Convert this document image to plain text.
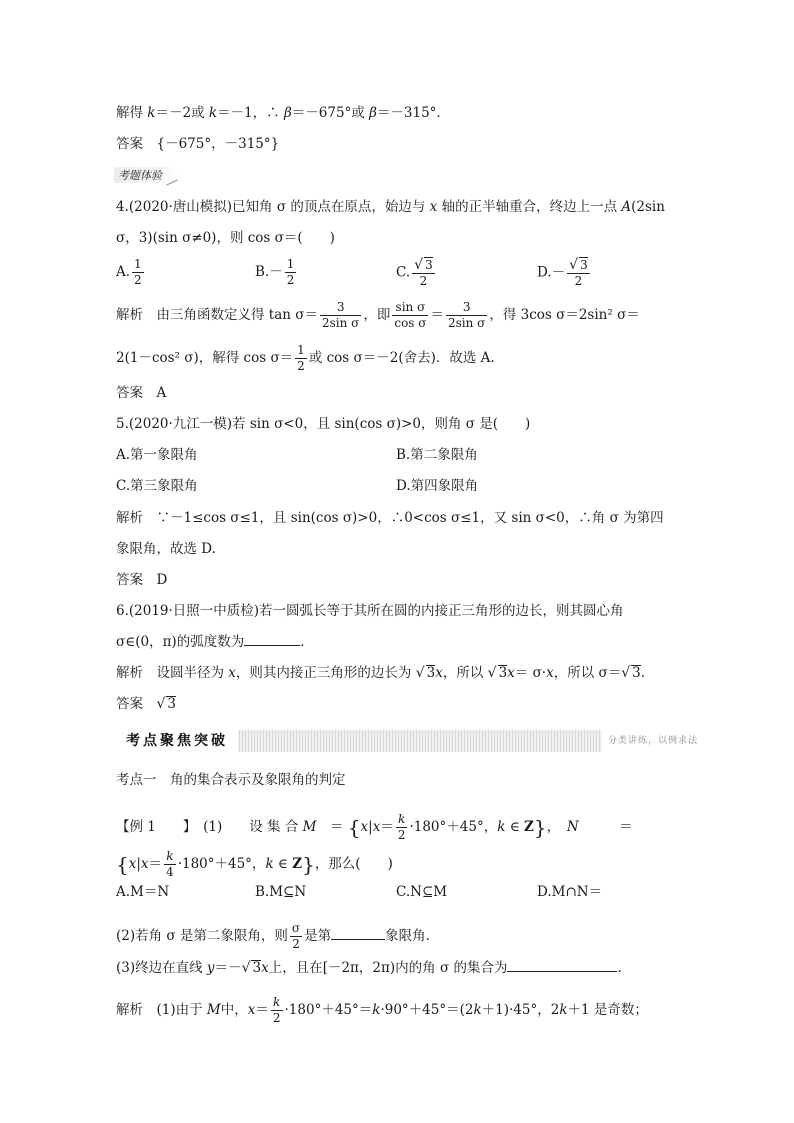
解得 k＝－2或 k＝－1，∴ β＝－675°或 β＝－315°．
答案　 {－675°，－315°}
考题体验
4.(2020·唐山模拟)已知角 σ 的顶点在原点，始边与 x 轴的正半轴重合，终边上一点 A(2sin
σ，3)(sin σ≠0)，则 cos σ＝(　　)
A. $\frac{1}{2}$	$B.- \frac{1}{2}$	C. $\frac{√ 3}{2}$	$D.- \frac{√ 3}{2}$
解析　 由三角函数定义得 $\tan \sigma= \frac{3}{\text{2sin σ}}$ ，即 $\frac{\text{sin σ}}{\text{cos σ}} = \frac{3}{\text{2sin σ}}$ ，得 3cos σ＝2sin² σ＝
2(1－cos² σ)，解得 $\cos \sigma= \frac{1}{2}$ 或 cos σ＝－2(舍去)．故选 A.
答案　 A
5.(2020·九江一模)若 sin σ<0，且 sin(cos σ)>0，则角 σ 是(　　)
A.第一象限角	B.第二象限角
C.第三象限角	D.第四象限角
解析　 ∵－1≤cos σ≤1，且 sin(cos σ)>0，∴0<cos σ≤1，又 sin σ<0，∴角 σ 为第四
象限角，故选 D.
答案　 D
6.(2019·日照一中质检)若一圆弧长等于其所在圆的内接正三角形的边长，则其圆心角
σ∈(0，π)的弧度数为	．
解析　 设圆半径为 x，则其内接正三角形的边长为 √ 3x，所以 √ 3x＝ σ·x，所以 σ＝√ 3.
答案　 √ 3
考点聚焦突破	分类讲练，以例求法
考点一　角的集合表示及象限角的判定
【例 1　　】　 (1)　　 设 集 合 M　 ＝ {$x|x= \frac{k}{2} \cdot 180^\circ+45^\circ$，k ∈ Z}，　N　　　	＝
{$x|x= \frac{k}{4} \cdot 180^\circ+45^\circ$，k ∈ Z}，那么(　　)
A.M＝N	B.M⊆N	C.N⊆M	D.M∩N＝
(2)若角 σ 是第二象限角，则 $\frac{\sigma}{2}$ 是第	象限角.
(3)终边在直线 y＝－√ 3x上，且在[－2π，2π)内的角 σ 的集合为	.
解析　 (1)由于 M中，$x= \frac{k}{2} \cdot 180^\circ+45^\circ=k\cdot 90^\circ+45^\circ=(2k+1)\cdot 45^\circ$，2k＋1 是奇数；
